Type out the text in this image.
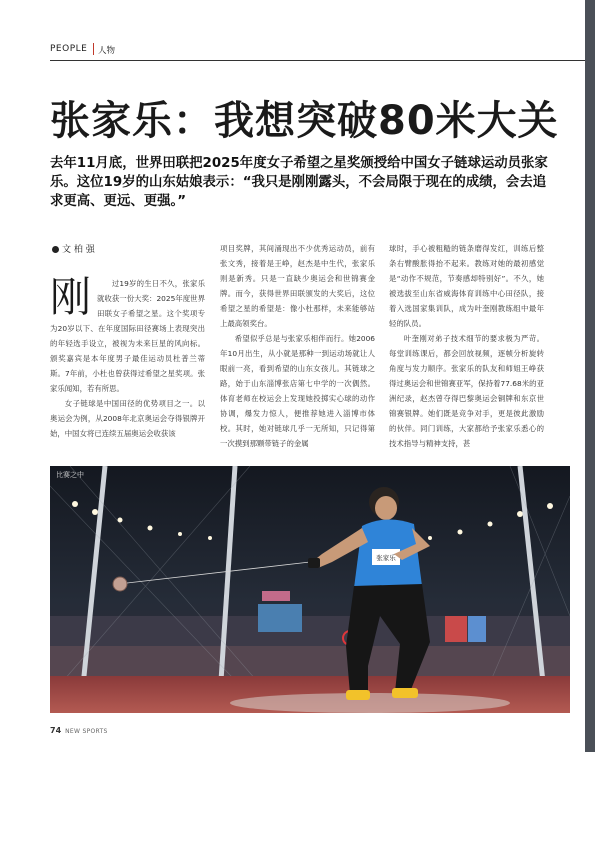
PEOPLE 人物
张家乐：我想突破80米大关
去年11月底，世界田联把2025年度女子希望之星奖颁授给中国女子链球运动员张家乐。这位19岁的山东姑娘表示：“我只是刚刚露头，不会局限于现在的成绩，会去追求更高、更远、更强。”
文 柏 强
刚	过19岁的生日不久，张家乐就收获一份大奖：2025年度世界田联女子希望之星。这个奖项专为20岁以下、在年度国际田径赛场上表现突出的年轻选手设立，被视为未来巨星的风向标。颁奖嘉宾是本年度男子最佳运动员杜普兰蒂斯。7年前，小杜也曾获得过希望之星奖项。张家乐闻知，若有所思。

女子链球是中国田径的优势项目之一。以奥运会为例，从2008年北京奥运会夺得银牌开始，中国女将已连续五届奥运会收获该

项目奖牌，其间涌现出不少优秀运动员，前有张文秀，接着是王峥，赵杰是中生代，张家乐则是新秀。只是一直缺少奥运会和世锦赛金牌。而今，获得世界田联颁发的大奖后，这位希望之星的希望是：像小杜那样，未来能够站上最高领奖台。

希望似乎总是与张家乐相伴而行。她2006年10月出生，从小就是那种一到运动场就让人眼前一亮，看到希望的山东女孩儿。其链球之路，始于山东淄博张店第七中学的一次偶然。体育老师在校运会上发现她投掷实心球的动作协调，爆发力惊人，便推荐她进入淄博市体校。其时，她对链球几乎一无所知，只记得第一次摸到那颗带链子的金属

球时，手心被粗糙的链条磨得发红，训练后整条右臂酸胀得抬不起来。教练对她的最初感觉是“动作不规范，节奏感却特别好”。不久，她被选拔至山东省威海体育训练中心田径队，接着入选国家集训队，成为叶奎刚教练组中最年轻的队员。

叶奎刚对弟子技术细节的要求极为严苛。每堂训练课后，都会回放视频，逐帧分析旋转角度与发力顺序。张家乐的队友和师姐王峥获得过奥运会和世锦赛亚军，保持着77.68米的亚洲纪录，赵杰曾夺得巴黎奥运会铜牌和东京世锦赛银牌。她们既是竞争对手，更是彼此激励的伙伴。同门训练，大家都给予张家乐悉心的技术指导与精神支持，甚

张家乐
比赛之中
74 NEW SPORTS
